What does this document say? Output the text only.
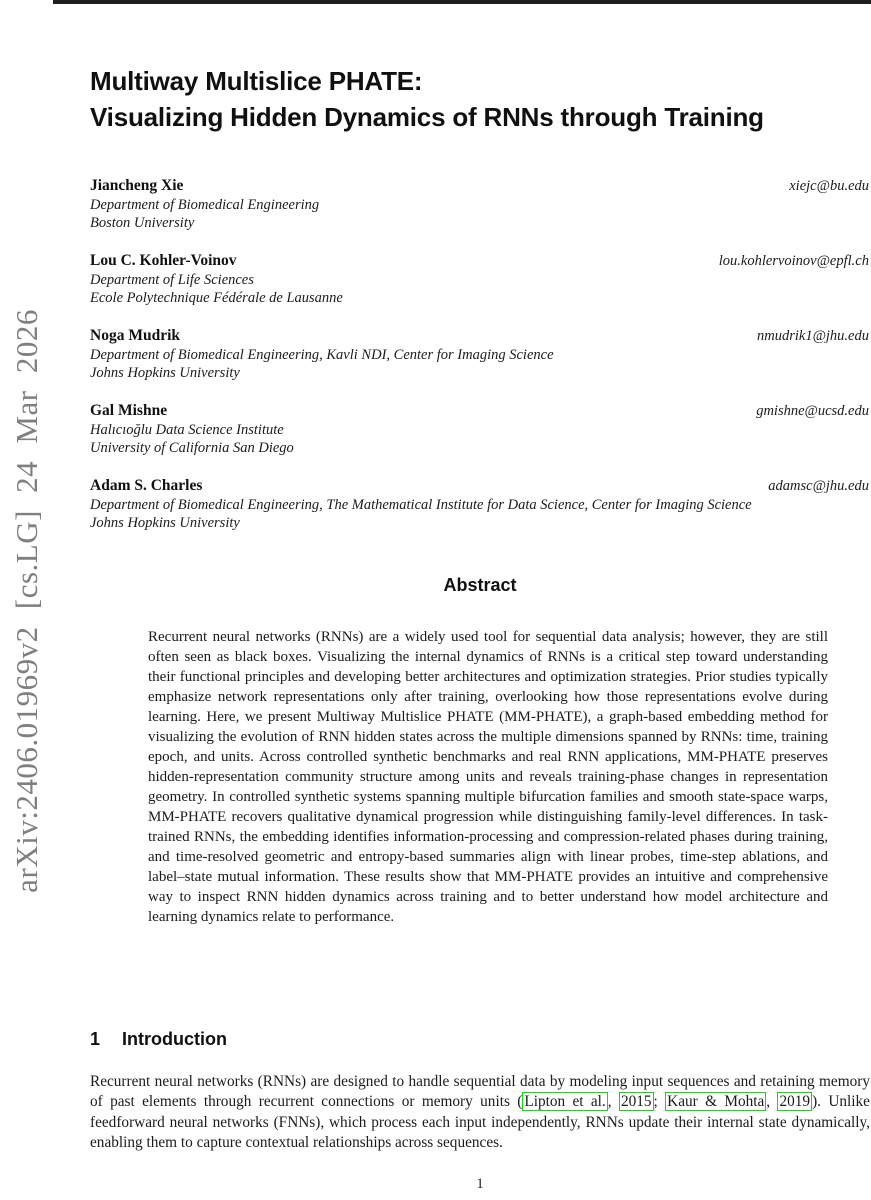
arXiv:2406.01969v2 [cs.LG] 24 Mar 2026
Multiway Multislice PHATE:
Visualizing Hidden Dynamics of RNNs through Training
Jiancheng Xie	xiejc@bu.edu
Department of Biomedical Engineering
Boston University
Lou C. Kohler-Voinov	lou.kohlervoinov@epfl.ch
Department of Life Sciences
Ecole Polytechnique Fédérale de Lausanne
Noga Mudrik	nmudrik1@jhu.edu
Department of Biomedical Engineering, Kavli NDI, Center for Imaging Science
Johns Hopkins University
Gal Mishne	gmishne@ucsd.edu
Halıcıoğlu Data Science Institute
University of California San Diego
Adam S. Charles	adamsc@jhu.edu
Department of Biomedical Engineering, The Mathematical Institute for Data Science, Center for Imaging Science
Johns Hopkins University
Abstract

Recurrent neural networks (RNNs) are a widely used tool for sequential data analysis; however, they are still often seen as black boxes. Visualizing the internal dynamics of RNNs is a critical step toward understanding their functional principles and developing better architectures and optimization strategies. Prior studies typically emphasize network representations only after training, overlooking how those representations evolve during learning. Here, we present Multiway Multislice PHATE (MM-PHATE), a graph-based embedding method for visualizing the evolution of RNN hidden states across the multiple dimensions spanned by RNNs: time, training epoch, and units. Across controlled synthetic benchmarks and real RNN applications, MM-PHATE preserves hidden-representation community structure among units and reveals training-phase changes in representation geometry. In controlled synthetic systems spanning multiple bifurcation families and smooth state-space warps, MM-PHATE recovers qualitative dynamical progression while distinguishing family-level differences. In task-trained RNNs, the embedding identifies information-processing and compression-related phases during training, and time-resolved geometric and entropy-based summaries align with linear probes, time-step ablations, and label–state mutual information. These results show that MM-PHATE provides an intuitive and comprehensive way to inspect RNN hidden dynamics across training and to better understand how model architecture and learning dynamics relate to performance.

1 Introduction

Recurrent neural networks (RNNs) are designed to handle sequential data by modeling input sequences and retaining memory of past elements through recurrent connections or memory units ( Lipton et al. , 2015 ; Kaur & Mohta , 2019 ). Unlike feedforward neural networks (FNNs), which process each input independently, RNNs update their internal state dynamically, enabling them to capture contextual relationships across sequences.

1
